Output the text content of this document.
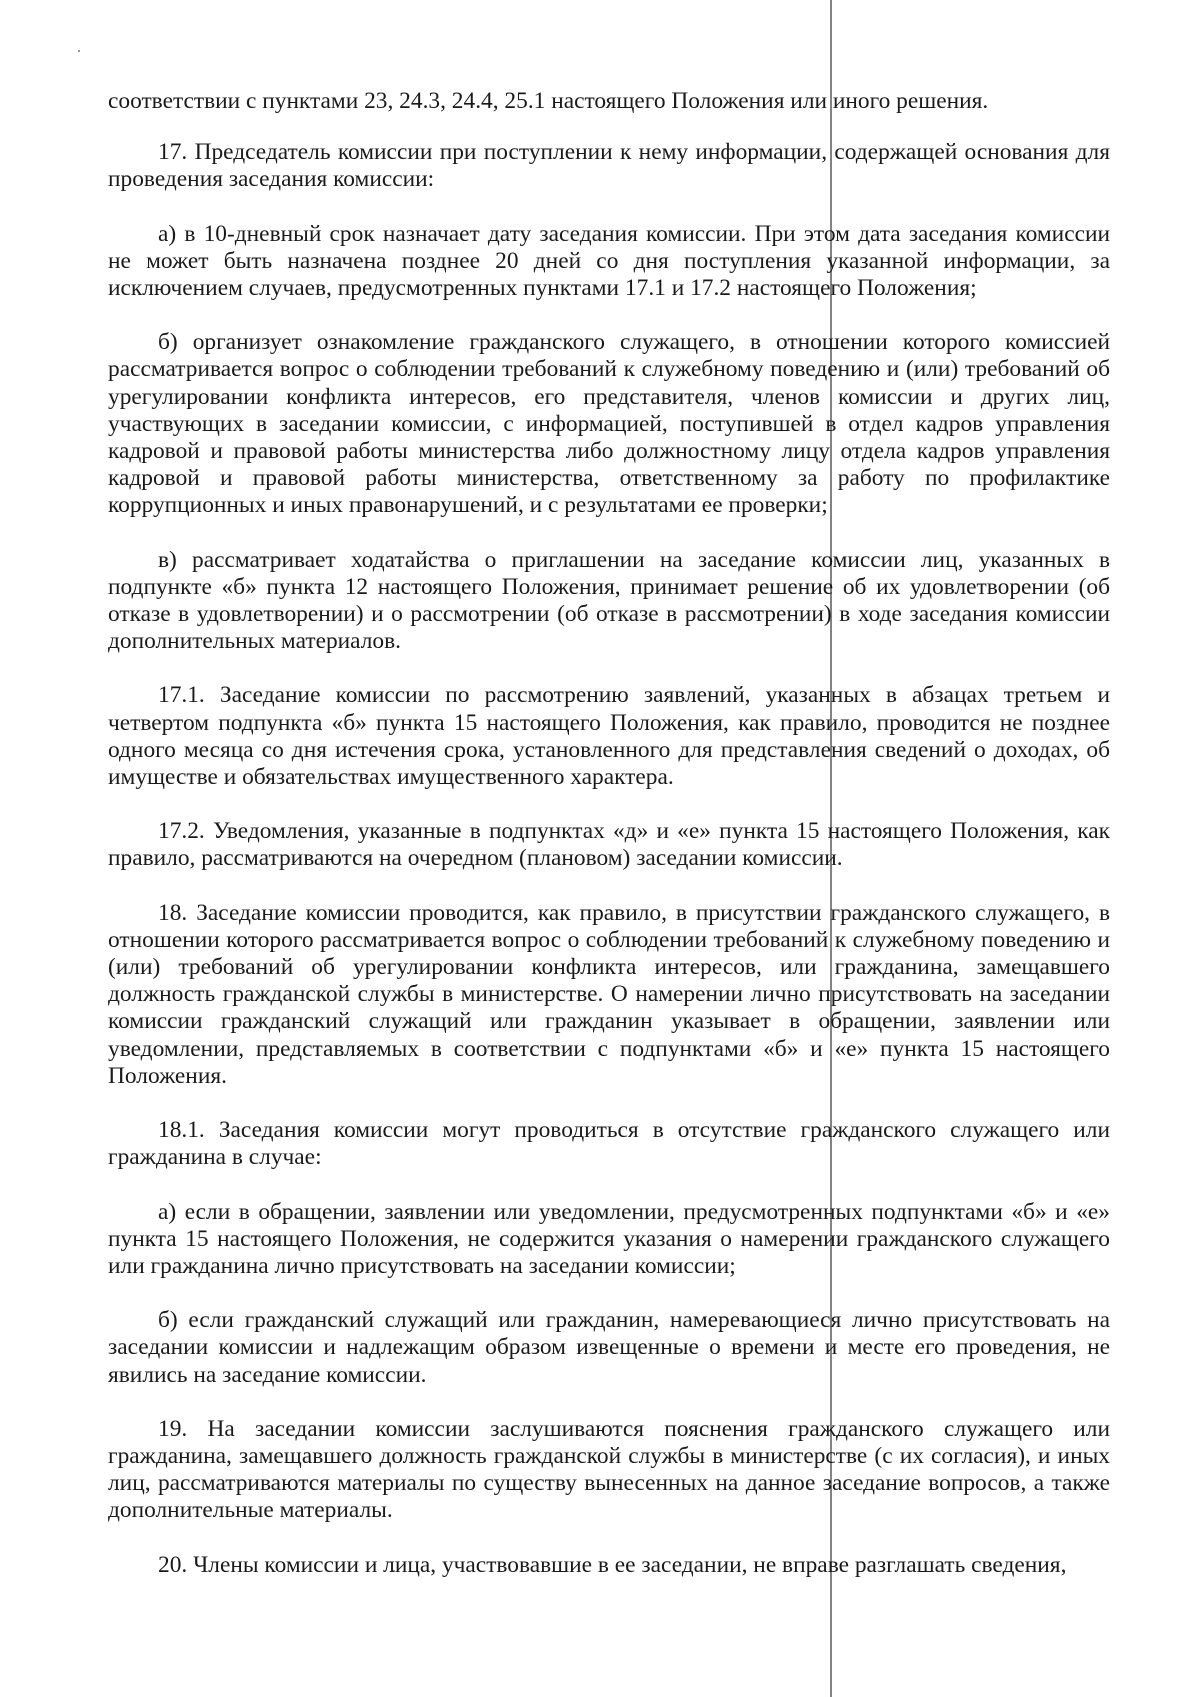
соответствии с пунктами 23, 24.3, 24.4, 25.1 настоящего Положения или иного решения.

17. Председатель комиссии при поступлении к нему информации, содержащей основания для проведения заседания комиссии:

а) в 10-дневный срок назначает дату заседания комиссии. При этом дата заседания комиссии не может быть назначена позднее 20 дней со дня поступления указанной информации, за исключением случаев, предусмотренных пунктами 17.1 и 17.2 настоящего Положения;

б) организует ознакомление гражданского служащего, в отношении которого комиссией рассматривается вопрос о соблюдении требований к служебному поведению и (или) требований об урегулировании конфликта интересов, его представителя, членов комиссии и других лиц, участвующих в заседании комиссии, с информацией, поступившей в отдел кадров управления кадровой и правовой работы министерства либо должностному лицу отдела кадров управления кадровой и правовой работы министерства, ответственному за работу по профилактике коррупционных и иных правонарушений, и с результатами ее проверки;

в) рассматривает ходатайства о приглашении на заседание комиссии лиц, указанных в подпункте «б» пункта 12 настоящего Положения, принимает решение об их удовлетворении (об отказе в удовлетворении) и о рассмотрении (об отказе в рассмотрении) в ходе заседания комиссии дополнительных материалов.

17.1. Заседание комиссии по рассмотрению заявлений, указанных в абзацах третьем и четвертом подпункта «б» пункта 15 настоящего Положения, как правило, проводится не позднее одного месяца со дня истечения срока, установленного для представления сведений о доходах, об имуществе и обязательствах имущественного характера.

17.2. Уведомления, указанные в подпунктах «д» и «е» пункта 15 настоящего Положения, как правило, рассматриваются на очередном (плановом) заседании комиссии.

18. Заседание комиссии проводится, как правило, в присутствии гражданского служащего, в отношении которого рассматривается вопрос о соблюдении требований к служебному поведению и (или) требований об урегулировании конфликта интересов, или гражданина, замещавшего должность гражданской службы в министерстве. О намерении лично присутствовать на заседании комиссии гражданский служащий или гражданин указывает в обращении, заявлении или уведомлении, представляемых в соответствии с подпунктами «б» и «е» пункта 15 настоящего Положения.

18.1. Заседания комиссии могут проводиться в отсутствие гражданского служащего или гражданина в случае:

а) если в обращении, заявлении или уведомлении, предусмотренных подпунктами «б» и «е» пункта 15 настоящего Положения, не содержится указания о намерении гражданского служащего или гражданина лично присутствовать на заседании комиссии;

б) если гражданский служащий или гражданин, намеревающиеся лично присутствовать на заседании комиссии и надлежащим образом извещенные о времени и месте его проведения, не явились на заседание комиссии.

19. На заседании комиссии заслушиваются пояснения гражданского служащего или гражданина, замещавшего должность гражданской службы в министерстве (с их согласия), и иных лиц, рассматриваются материалы по существу вынесенных на данное заседание вопросов, а также дополнительные материалы.

20. Члены комиссии и лица, участвовавшие в ее заседании, не вправе разглашать сведения,
